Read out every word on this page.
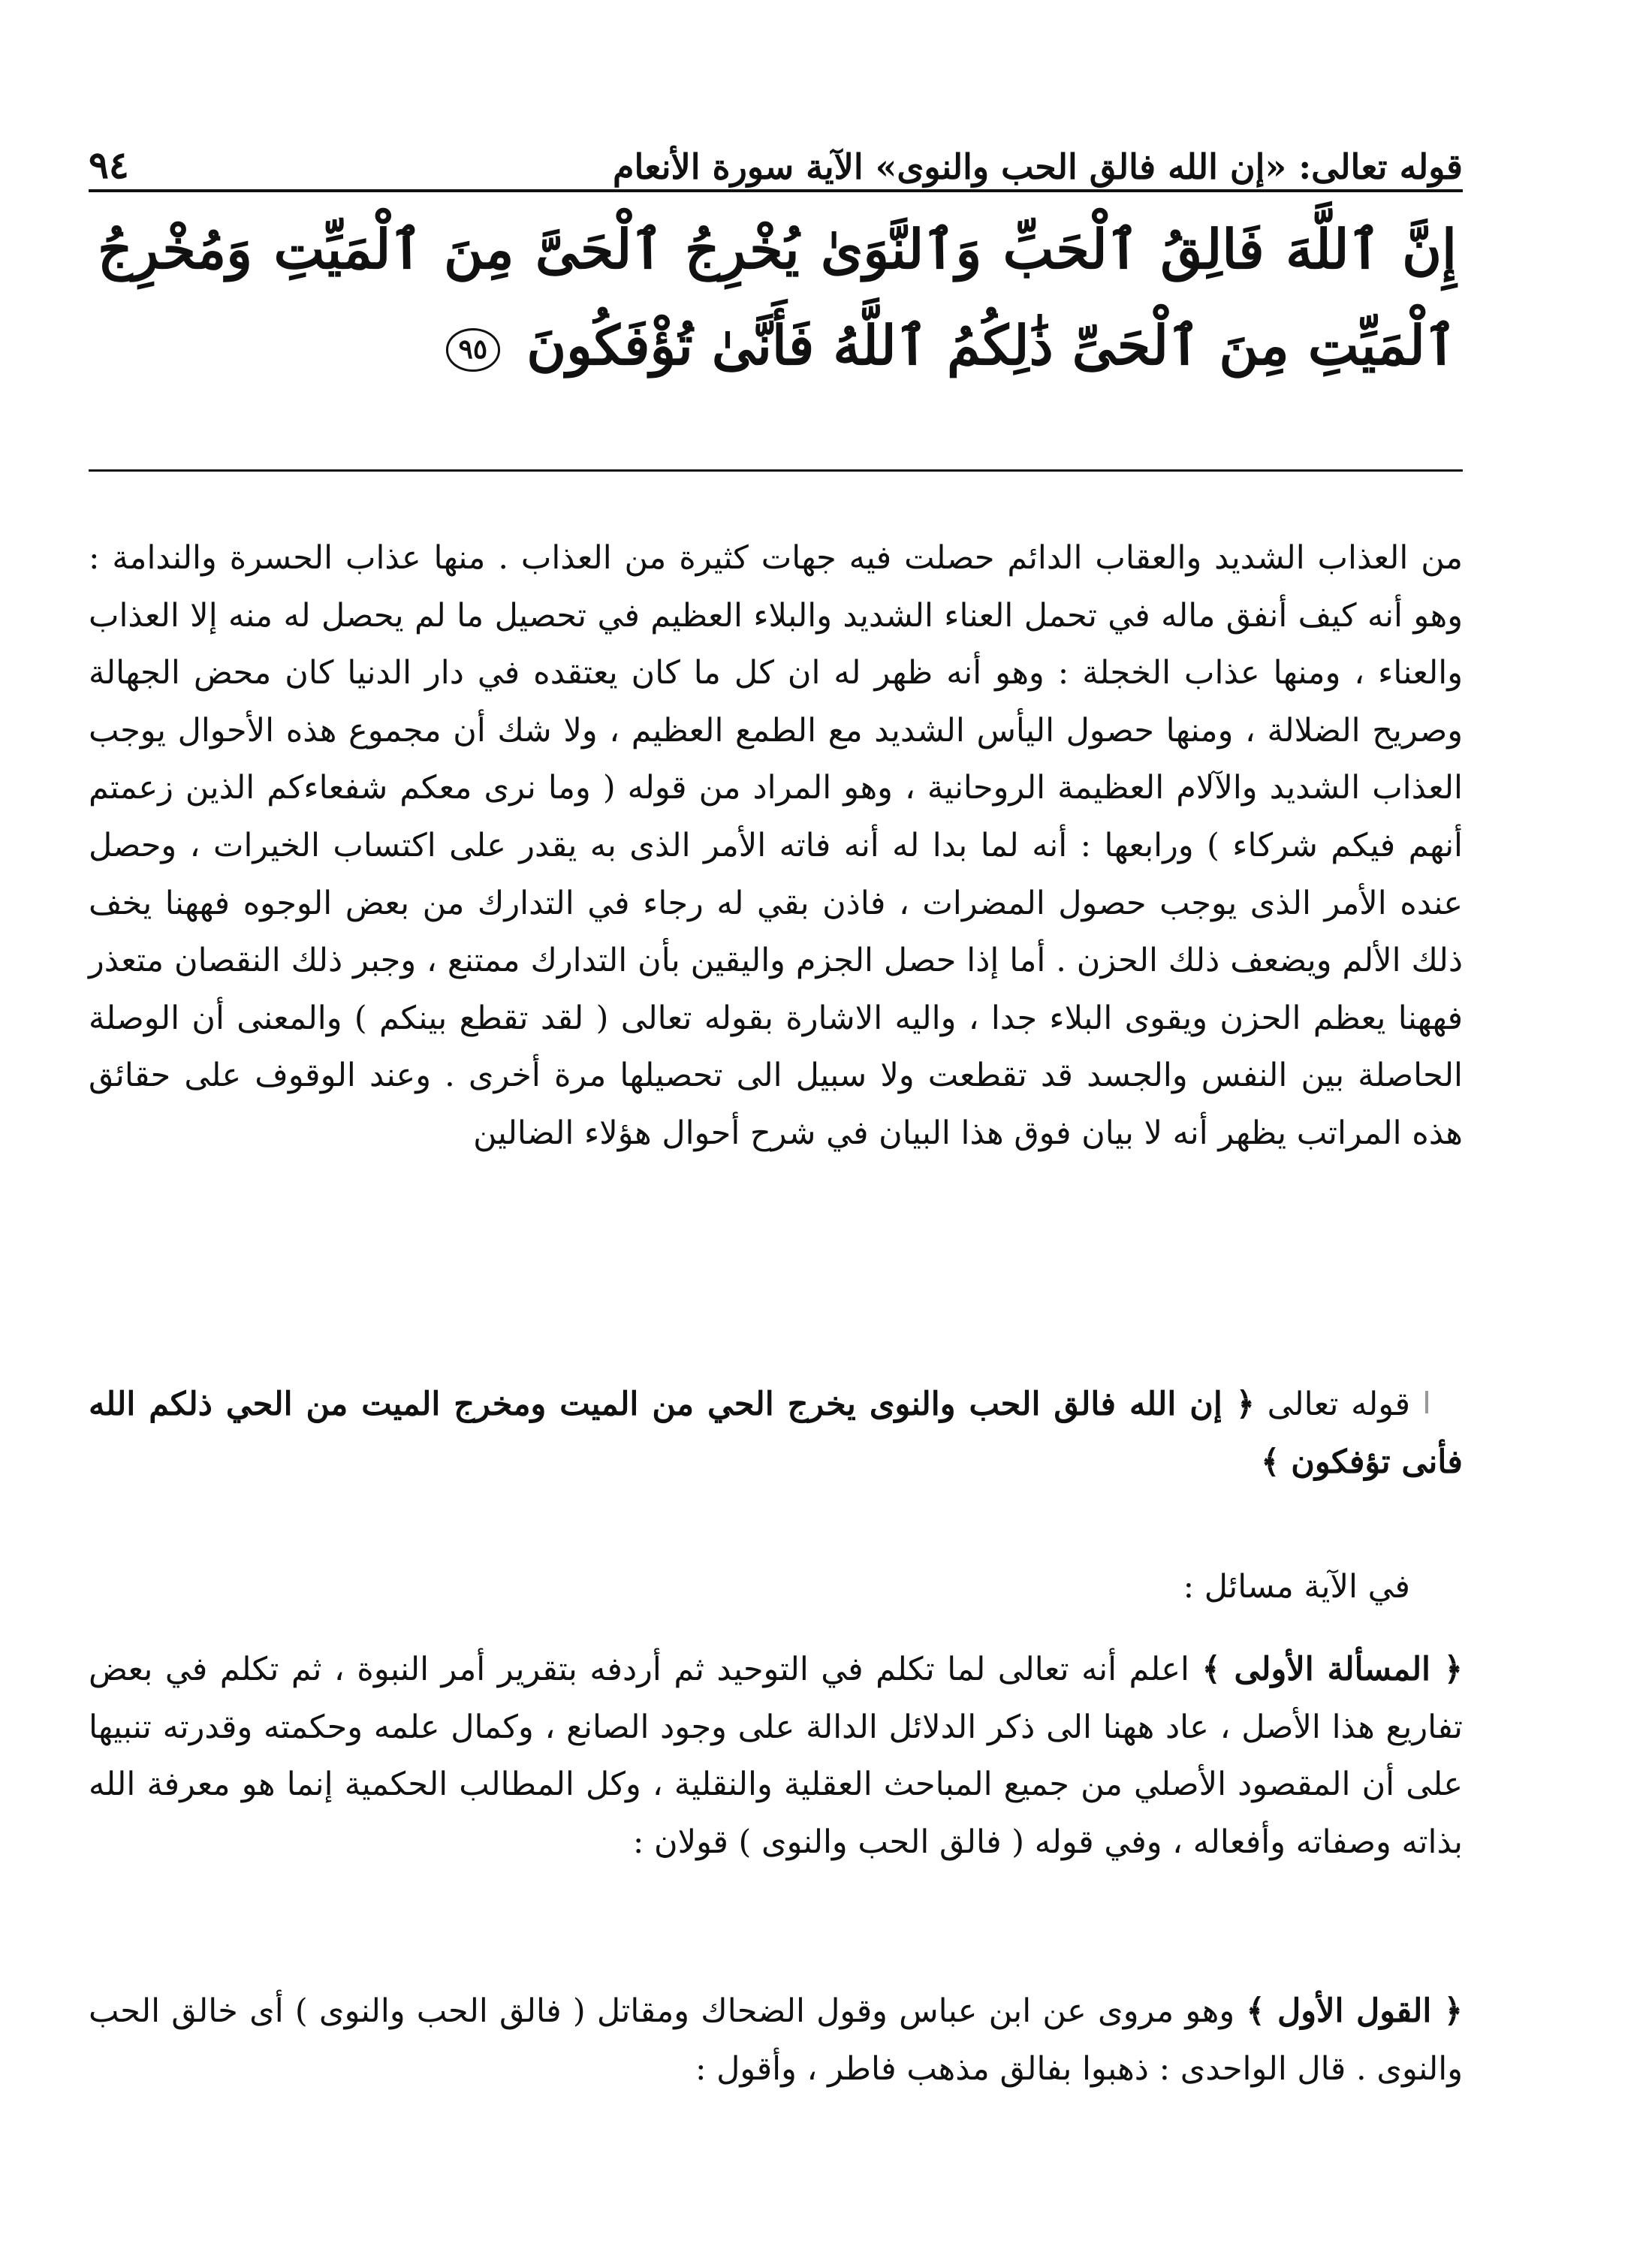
قوله تعالى: «إن الله فالق الحب والنوى» الآية سورة الأنعام
٩٤
إِنَّ ٱللَّهَ فَالِقُ ٱلْحَبِّ وَٱلنَّوَىٰ يُخْرِجُ ٱلْحَىَّ مِنَ ٱلْمَيِّتِ وَمُخْرِجُ ٱلْمَيِّتِ مِنَ ٱلْحَىِّ ذَٰلِكُمُ ٱللَّهُ فَأَنَّىٰ تُؤْفَكُونَ ٩٥
من العذاب الشديد والعقاب الدائم حصلت فيه جهات كثيرة من العذاب . منها عذاب الحسرة والندامة : وهو أنه كيف أنفق ماله في تحمل العناء الشديد والبلاء العظيم في تحصيل ما لم يحصل له منه إلا العذاب والعناء ، ومنها عذاب الخجلة : وهو أنه ظهر له ان كل ما كان يعتقده في دار الدنيا كان محض الجهالة وصريح الضلالة ، ومنها حصول اليأس الشديد مع الطمع العظيم ، ولا شك أن مجموع هذه الأحوال يوجب العذاب الشديد والآلام العظيمة الروحانية ، وهو المراد من قوله ( وما نرى معكم شفعاءكم الذين زعمتم أنهم فيكم شركاء ) ورابعها : أنه لما بدا له أنه فاته الأمر الذى به يقدر على اكتساب الخيرات ، وحصل عنده الأمر الذى يوجب حصول المضرات ، فاذن بقي له رجاء في التدارك من بعض الوجوه فههنا يخف ذلك الألم ويضعف ذلك الحزن . أما إذا حصل الجزم واليقين بأن التدارك ممتنع ، وجبر ذلك النقصان متعذر فههنا يعظم الحزن ويقوى البلاء جدا ، واليه الاشارة بقوله تعالى ( لقد تقطع بينكم ) والمعنى أن الوصلة الحاصلة بين النفس والجسد قد تقطعت ولا سبيل الى تحصيلها مرة أخرى . وعند الوقوف على حقائق هذه المراتب يظهر أنه لا بيان فوق هذا البيان في شرح أحوال هؤلاء الضالين
قوله تعالى ﴿ إن الله فالق الحب والنوى يخرج الحي من الميت ومخرج الميت من الحي ذلكم الله فأنى تؤفكون ﴾
في الآية مسائل :
﴿ المسألة الأولى ﴾ اعلم أنه تعالى لما تكلم في التوحيد ثم أردفه بتقرير أمر النبوة ، ثم تكلم في بعض تفاريع هذا الأصل ، عاد ههنا الى ذكر الدلائل الدالة على وجود الصانع ، وكمال علمه وحكمته وقدرته تنبيها على أن المقصود الأصلي من جميع المباحث العقلية والنقلية ، وكل المطالب الحكمية إنما هو معرفة الله بذاته وصفاته وأفعاله ، وفي قوله ( فالق الحب والنوى ) قولان :
﴿ القول الأول ﴾ وهو مروى عن ابن عباس وقول الضحاك ومقاتل ( فالق الحب والنوى ) أى خالق الحب والنوى . قال الواحدى : ذهبوا بفالق مذهب فاطر ، وأقول :
